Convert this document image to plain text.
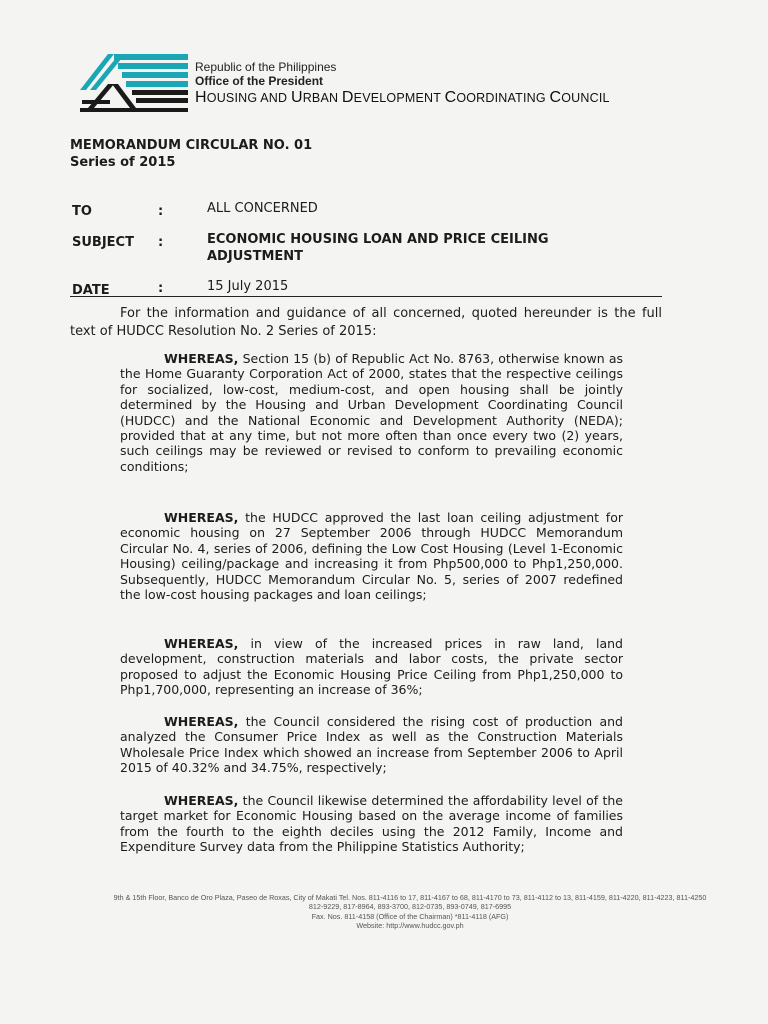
Republic of the Philippines
Office of the President
HOUSING AND URBAN DEVELOPMENT COORDINATING COUNCIL
MEMORANDUM CIRCULAR NO. 01
Series of 2015
TO	:	ALL CONCERNED
SUBJECT :	ECONOMIC HOUSING LOAN AND PRICE CEILING
ADJUSTMENT
DATE	:	15 July 2015
For the information and guidance of all concerned, quoted hereunder is the full text of HUDCC Resolution No. 2 Series of 2015:
WHEREAS, Section 15 (b) of Republic Act No. 8763, otherwise known as the Home Guaranty Corporation Act of 2000, states that the respective ceilings for socialized, low-cost, medium-cost, and open housing shall be jointly determined by the Housing and Urban Development Coordinating Council (HUDCC) and the National Economic and Development Authority (NEDA); provided that at any time, but not more often than once every two (2) years, such ceilings may be reviewed or revised to conform to prevailing economic conditions;
WHEREAS, the HUDCC approved the last loan ceiling adjustment for economic housing on 27 September 2006 through HUDCC Memorandum Circular No. 4, series of 2006, defining the Low Cost Housing (Level 1-Economic Housing) ceiling/package and increasing it from Php500,000 to Php1,250,000. Subsequently, HUDCC Memorandum Circular No. 5, series of 2007 redefined the low-cost housing packages and loan ceilings;
WHEREAS, in view of the increased prices in raw land, land development, construction materials and labor costs, the private sector proposed to adjust the Economic Housing Price Ceiling from Php1,250,000 to Php1,700,000, representing an increase of 36%;
WHEREAS, the Council considered the rising cost of production and analyzed the Consumer Price Index as well as the Construction Materials Wholesale Price Index which showed an increase from September 2006 to April 2015 of 40.32% and 34.75%, respectively;
WHEREAS, the Council likewise determined the affordability level of the target market for Economic Housing based on the average income of families from the fourth to the eighth deciles using the 2012 Family, Income and Expenditure Survey data from the Philippine Statistics Authority;
9th & 15th Floor, Banco de Oro Plaza, Paseo de Roxas, City of Makati Tel. Nos. 811-4116 to 17, 811-4167 to 68, 811-4170 to 73, 811-4112 to 13, 811-4159, 811-4220, 811-4223, 811-4250
812-9229, 817-8964, 893-3700, 812-0735, 893-0749, 817-6995
Fax. Nos. 811-4158 (Office of the Chairman) *811-4118 (AFG)
Website: http://www.hudcc.gov.ph
